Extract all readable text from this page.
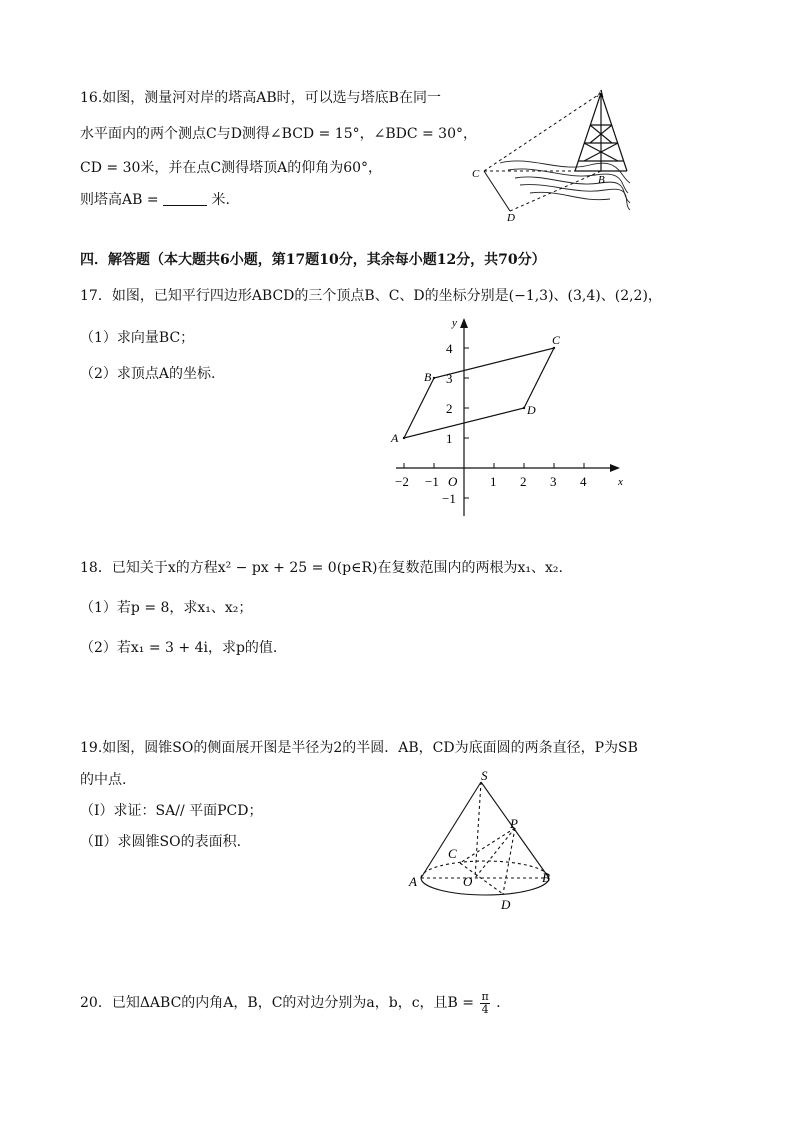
16.如图，测量河对岸的塔高AB时，可以选与塔底B在同一
水平面内的两个测点C与D测得∠BCD = 15°，∠BDC = 30°，
CD = 30米，并在点C测得塔顶A的仰角为60°，
则塔高AB =	米.
A
B
C
D
四．解答题（本大题共6小题，第17题10分，其余每小题12分，共70分）
17．如图，已知平行四边形ABCD的三个顶点B、C、D的坐标分别是(−1,3)、(3,4)、(2,2)，
（1）求向量BC；
（2）求顶点A的坐标.
x
y
O
−2 −1	1 2 3 4
−1
1
2
3
4
A
B
C
D
18．已知关于x的方程x² − px + 25 = 0(p∈R)在复数范围内的两根为x₁、x₂.
（1）若p = 8，求x₁、x₂；
（2）若x₁ = 3 + 4i，求p的值.
19.如图，圆锥SO的侧面展开图是半径为2的半圆．AB，CD为底面圆的两条直径，P为SB
的中点.
（Ⅰ）求证：SA// 平面PCD；
（Ⅱ）求圆锥SO的表面积.
S
P
C
A	O	B
D
20．已知ΔABC的内角A，B，C的对边分别为a，b，c，且$B = \frac{\pi}{4}$ .
